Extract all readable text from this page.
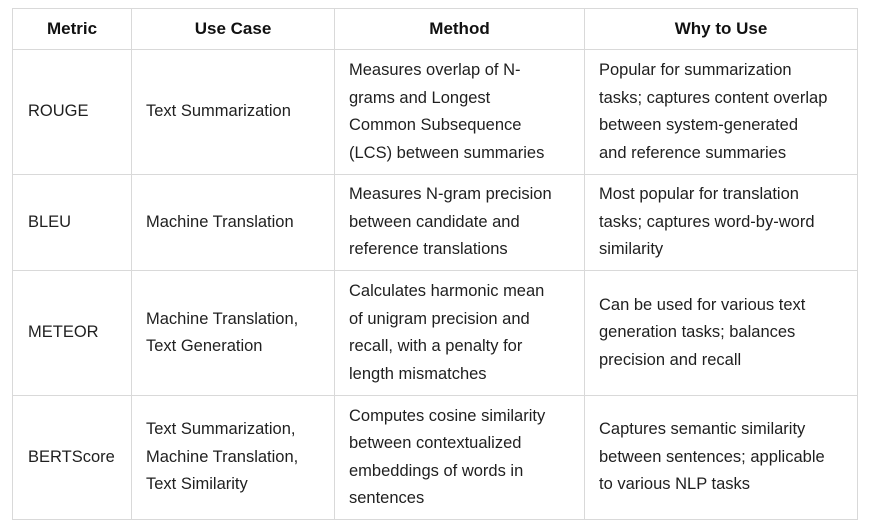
Metric	Use Case	Method	Why to Use

ROUGE	Text Summarization	Measures overlap of N-
grams and Longest
Common Subsequence
(LCS) between summaries	Popular for summarization
tasks; captures content overlap
between system-generated
and reference summaries

BLEU	Machine Translation	Measures N-gram precision
between candidate and
reference translations	Most popular for translation
tasks; captures word-by-word
similarity

METEOR	Machine Translation,
Text Generation	Calculates harmonic mean
of unigram precision and
recall, with a penalty for
length mismatches	Can be used for various text
generation tasks; balances
precision and recall

BERTScore	Text Summarization,
Machine Translation,
Text Similarity	Computes cosine similarity
between contextualized
embeddings of words in
sentences	Captures semantic similarity
between sentences; applicable
to various NLP tasks
